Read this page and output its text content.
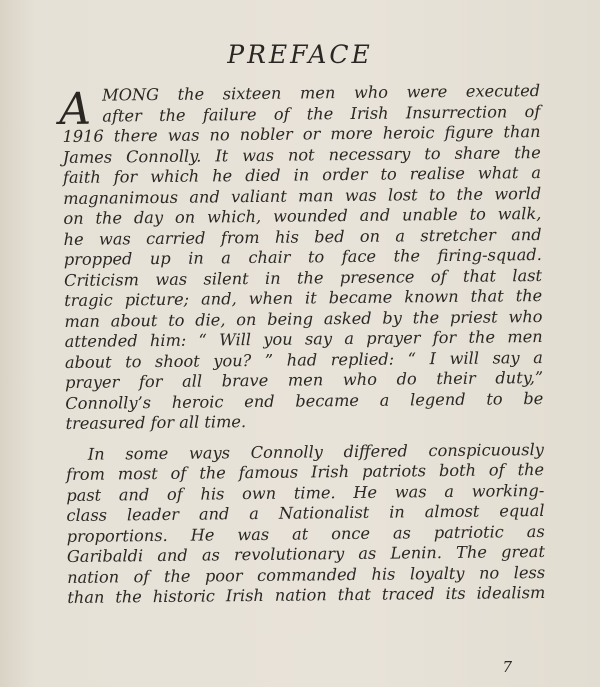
PREFACE
A MONG the sixteen men who were executed
after the failure of the Irish Insurrection of
1916 there was no nobler or more heroic figure than
James Connolly. It was not necessary to share the
faith for which he died in order to realise what a
magnanimous and valiant man was lost to the world
on the day on which, wounded and unable to walk,
he was carried from his bed on a stretcher and
propped up in a chair to face the firing-squad.
Criticism was silent in the presence of that last
tragic picture; and, when it became known that the
man about to die, on being asked by the priest who
attended him: “ Will you say a prayer for the men
about to shoot you? ” had replied: “ I will say a
prayer for all brave men who do their duty,”
Connolly’s heroic end became a legend to be
treasured for all time.
In some ways Connolly differed conspicuously
from most of the famous Irish patriots both of the
past and of his own time. He was a working-
class leader and a Nationalist in almost equal
proportions. He was at once as patriotic as
Garibaldi and as revolutionary as Lenin. The great
nation of the poor commanded his loyalty no less
than the historic Irish nation that traced its idealism
7
